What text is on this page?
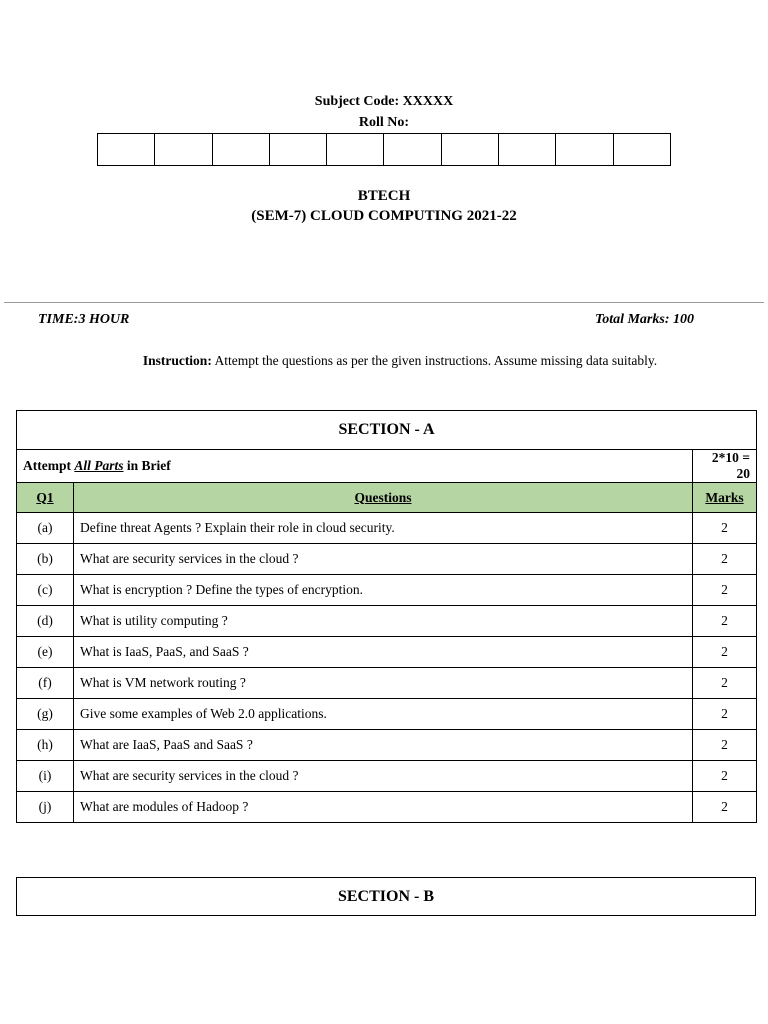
Subject Code: XXXXX
Roll No:
BTECH
(SEM-7) CLOUD COMPUTING 2021-22
TIME:3 HOUR	Total Marks: 100
Instruction: Attempt the questions as per the given instructions. Assume missing data suitably.
SECTION - A		
Attempt All Parts in Brief		2*10 = 20
Q1	Questions	Marks
(a)	Define threat Agents ? Explain their role in cloud security.	2
(b)	What are security services in the cloud ?	2
(c)	What is encryption ? Define the types of encryption.	2
(d)	What is utility computing ?	2
(e)	What is IaaS, PaaS, and SaaS ?	2
(f)	What is VM network routing ?	2
(g)	Give some examples of Web 2.0 applications.	2
(h)	What are IaaS, PaaS and SaaS ?	2
(i)	What are security services in the cloud ?	2
(j)	What are modules of Hadoop ?	2
SECTION - B
